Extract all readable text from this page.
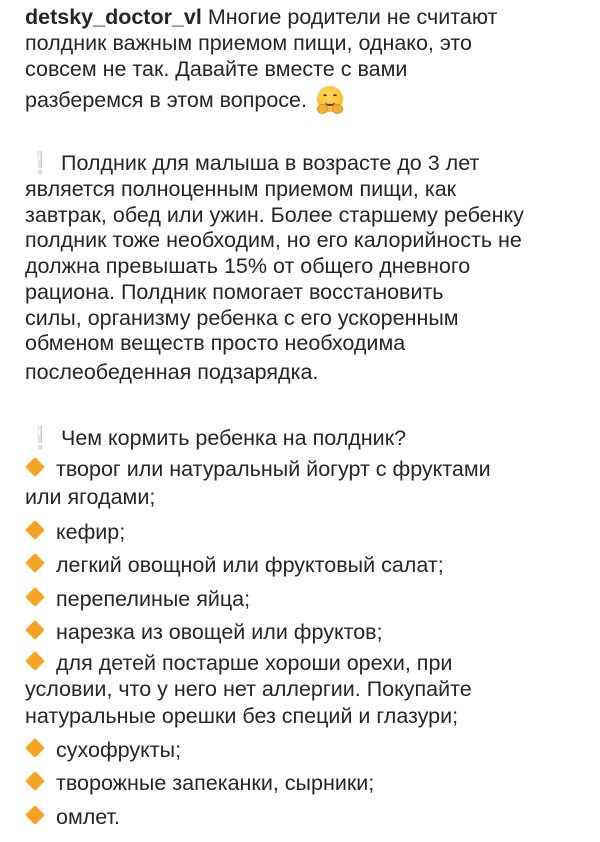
detsky_doctor_vl Многие родители не считают
полдник важным приемом пищи, однако, это
совсем не так. Давайте вместе с вами
разберемся в этом вопросе.
❕ Полдник для малыша в возрасте до 3 лет
является полноценным приемом пищи, как
завтрак, обед или ужин. Более старшему ребенку
полдник тоже необходим, но его калорийность не
должна превышать 15% от общего дневного
рациона. Полдник помогает восстановить
силы, организму ребенка с его ускоренным
обменом веществ просто необходима
послеобеденная подзарядка.
❕ Чем кормить ребенка на полдник?
творог или натуральный йогурт с фруктами
или ягодами;
кефир;
легкий овощной или фруктовый салат;
перепелиные яйца;
нарезка из овощей или фруктов;
для детей постарше хороши орехи, при
условии, что у него нет аллергии. Покупайте
натуральные орешки без специй и глазури;
сухофрукты;
творожные запеканки, сырники;
омлет.
